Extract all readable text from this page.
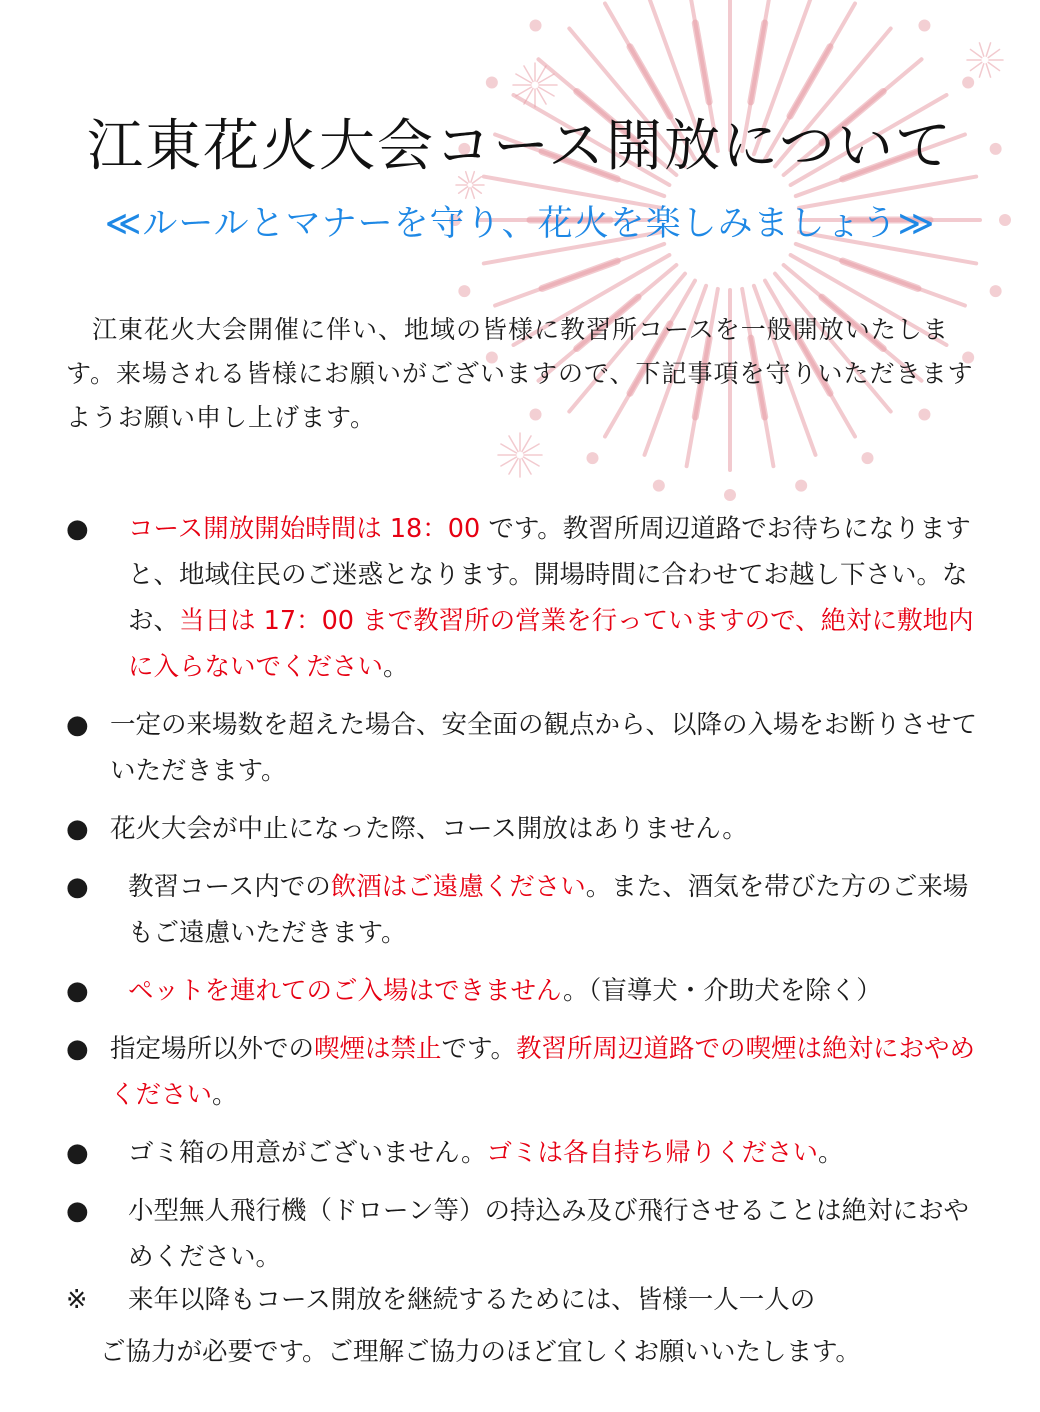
江東花火大会コース開放について
≪ルールとマナーを守り、花火を楽しみましょう≫
江東花火大会開催に伴い、地域の皆様に教習所コースを一般開放いたします。来場される皆様にお願いがございますので、下記事項を守りいただきますようお願い申し上げます。
●	コース開放開始時間は 18：00 です。教習所周辺道路でお待ちになりますと、地域住民のご迷惑となります。開場時間に合わせてお越し下さい。なお、当日は 17：00 まで教習所の営業を行っていますので、絶対に敷地内に入らないでください。
● 一定の来場数を超えた場合、安全面の観点から、以降の入場をお断りさせていただきます。
● 花火大会が中止になった際、コース開放はありません。
●	教習コース内での飲酒はご遠慮ください。また、酒気を帯びた方のご来場もご遠慮いただきます。
●	ペットを連れてのご入場はできません。（盲導犬・介助犬を除く）
● 指定場所以外での喫煙は禁止です。教習所周辺道路での喫煙は絶対におやめください。
●	ゴミ箱の用意がございません。ゴミは各自持ち帰りください。
●	小型無人飛行機（ドローン等）の持込み及び飛行させることは絶対におやめください。
※	来年以降もコース開放を継続するためには、皆様一人一人の
ご協力が必要です。ご理解ご協力のほど宜しくお願いいたします。
